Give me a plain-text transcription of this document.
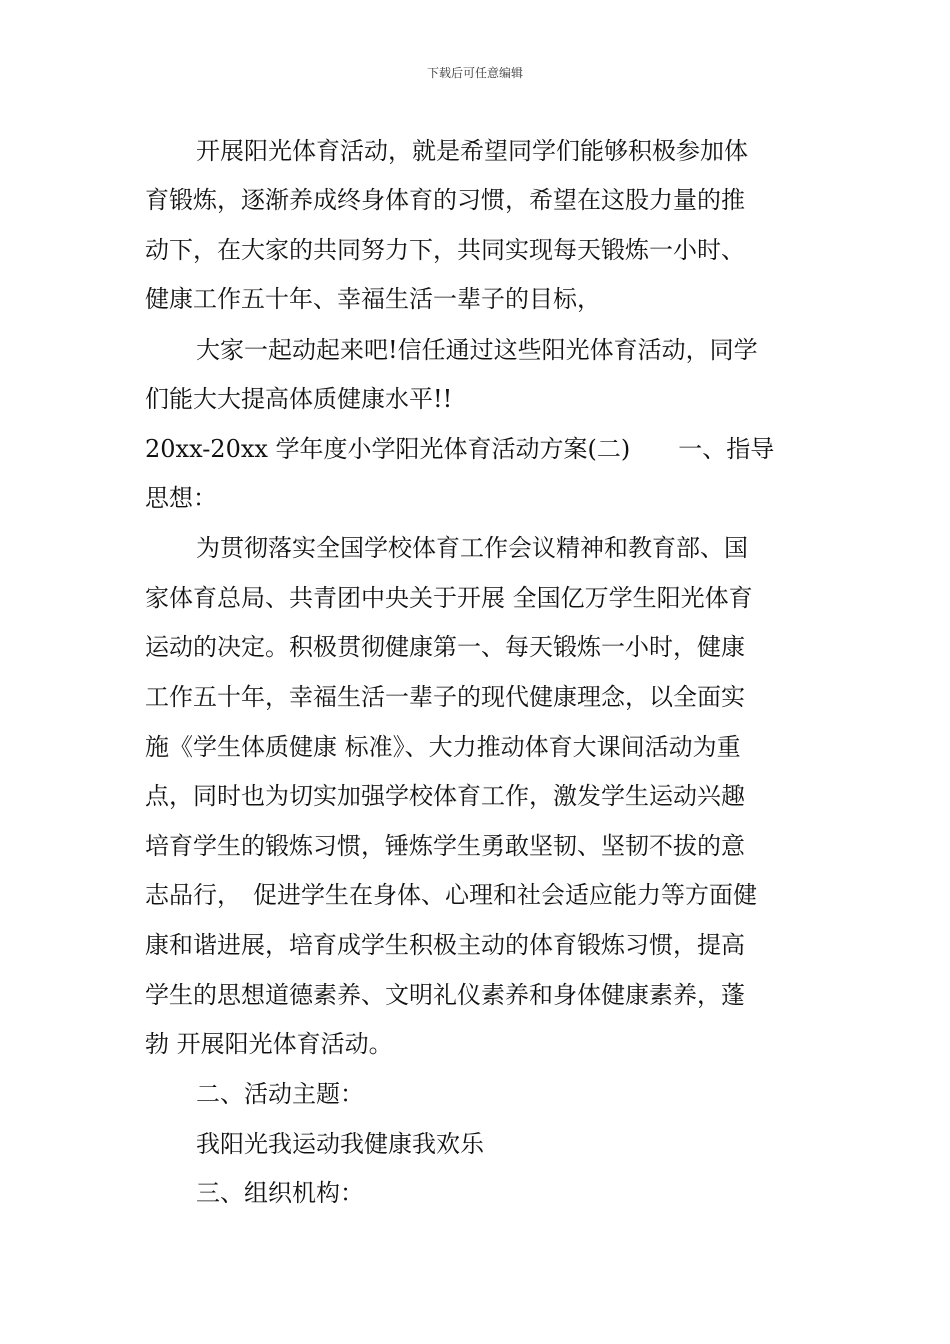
下载后可任意编辑
开展阳光体育活动，就是希望同学们能够积极参加体
育锻炼，逐渐养成终身体育的习惯，希望在这股力量的推
动下，在大家的共同努力下，共同实现每天锻炼一小时、
健康工作五十年、幸福生活一辈子的目标，
大家一起动起来吧!信任通过这些阳光体育活动，同学
们能大大提高体质健康水平!!
20xx-20xx 学年度小学阳光体育活动方案(二)　　一、指导
思想：
为贯彻落实全国学校体育工作会议精神和教育部、国
家体育总局、共青团中央关于开展 全国亿万学生阳光体育
运动的决定。积极贯彻健康第一、每天锻炼一小时，健康
工作五十年，幸福生活一辈子的现代健康理念，以全面实
施《学生体质健康 标准》、大力推动体育大课间活动为重
点，同时也为切实加强学校体育工作，激发学生运动兴趣
培育学生的锻炼习惯，锤炼学生勇敢坚韧、坚韧不拔的意
志品行，　促进学生在身体、心理和社会适应能力等方面健
康和谐进展，培育成学生积极主动的体育锻炼习惯，提高
学生的思想道德素养、文明礼仪素养和身体健康素养，蓬
勃 开展阳光体育活动。
二、活动主题：
我阳光我运动我健康我欢乐
三、组织机构：
